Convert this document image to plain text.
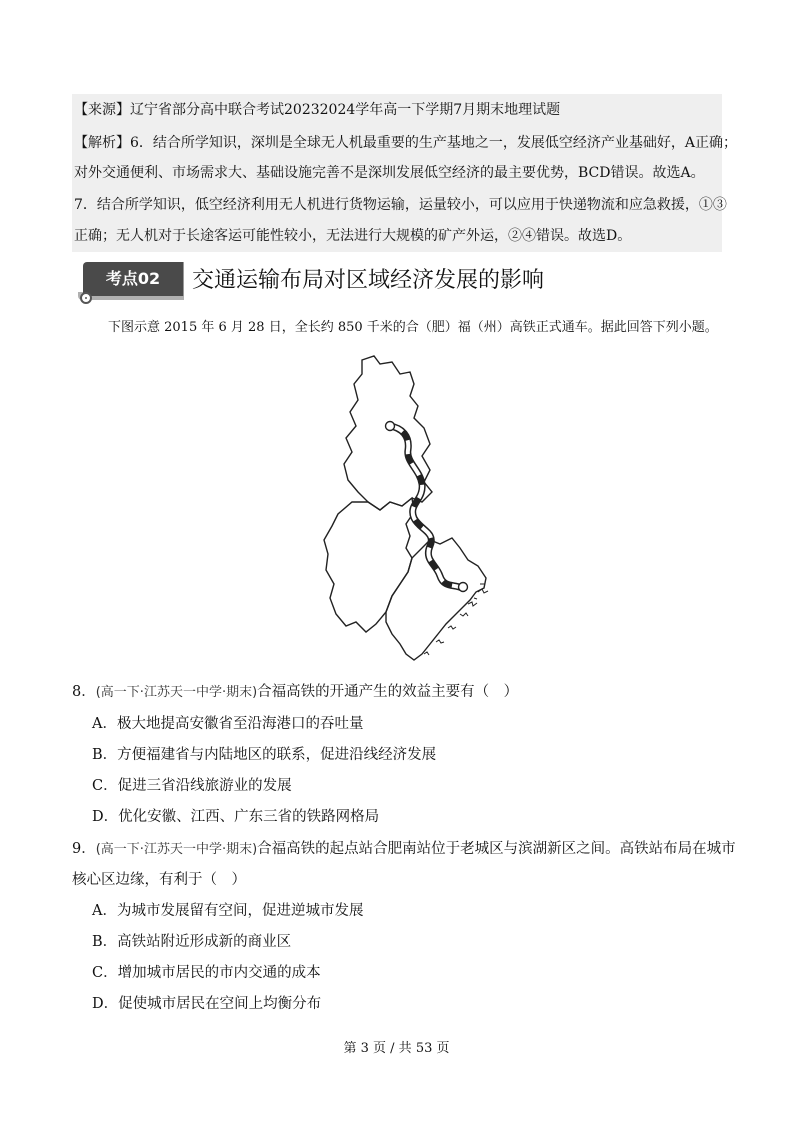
【来源】辽宁省部分高中联合考试20232024学年高一下学期7月期末地理试题
【解析】6．结合所学知识，深圳是全球无人机最重要的生产基地之一，发展低空经济产业基础好，A正确；
对外交通便利、市场需求大、基础设施完善不是深圳发展低空经济的最主要优势，BCD错误。故选A。
7．结合所学知识，低空经济利用无人机进行货物运输，运量较小，可以应用于快递物流和应急救援，①③
正确；无人机对于长途客运可能性较小，无法进行大规模的矿产外运，②④错误。故选D。
考点02	交通运输布局对区域经济发展的影响
下图示意 2015 年 6 月 28 日，全长约 850 千米的合（肥）福（州）高铁正式通车。据此回答下列小题。
8．(高一下·江苏天一中学·期末)合福高铁的开通产生的效益主要有（　）
A．极大地提高安徽省至沿海港口的吞吐量
B．方便福建省与内陆地区的联系，促进沿线经济发展
C．促进三省沿线旅游业的发展
D．优化安徽、江西、广东三省的铁路网格局
9．(高一下·江苏天一中学·期末)合福高铁的起点站合肥南站位于老城区与滨湖新区之间。高铁站布局在城市
核心区边缘，有利于（　）
A．为城市发展留有空间，促进逆城市发展
B．高铁站附近形成新的商业区
C．增加城市居民的市内交通的成本
D．促使城市居民在空间上均衡分布
第 3 页 / 共 53 页
